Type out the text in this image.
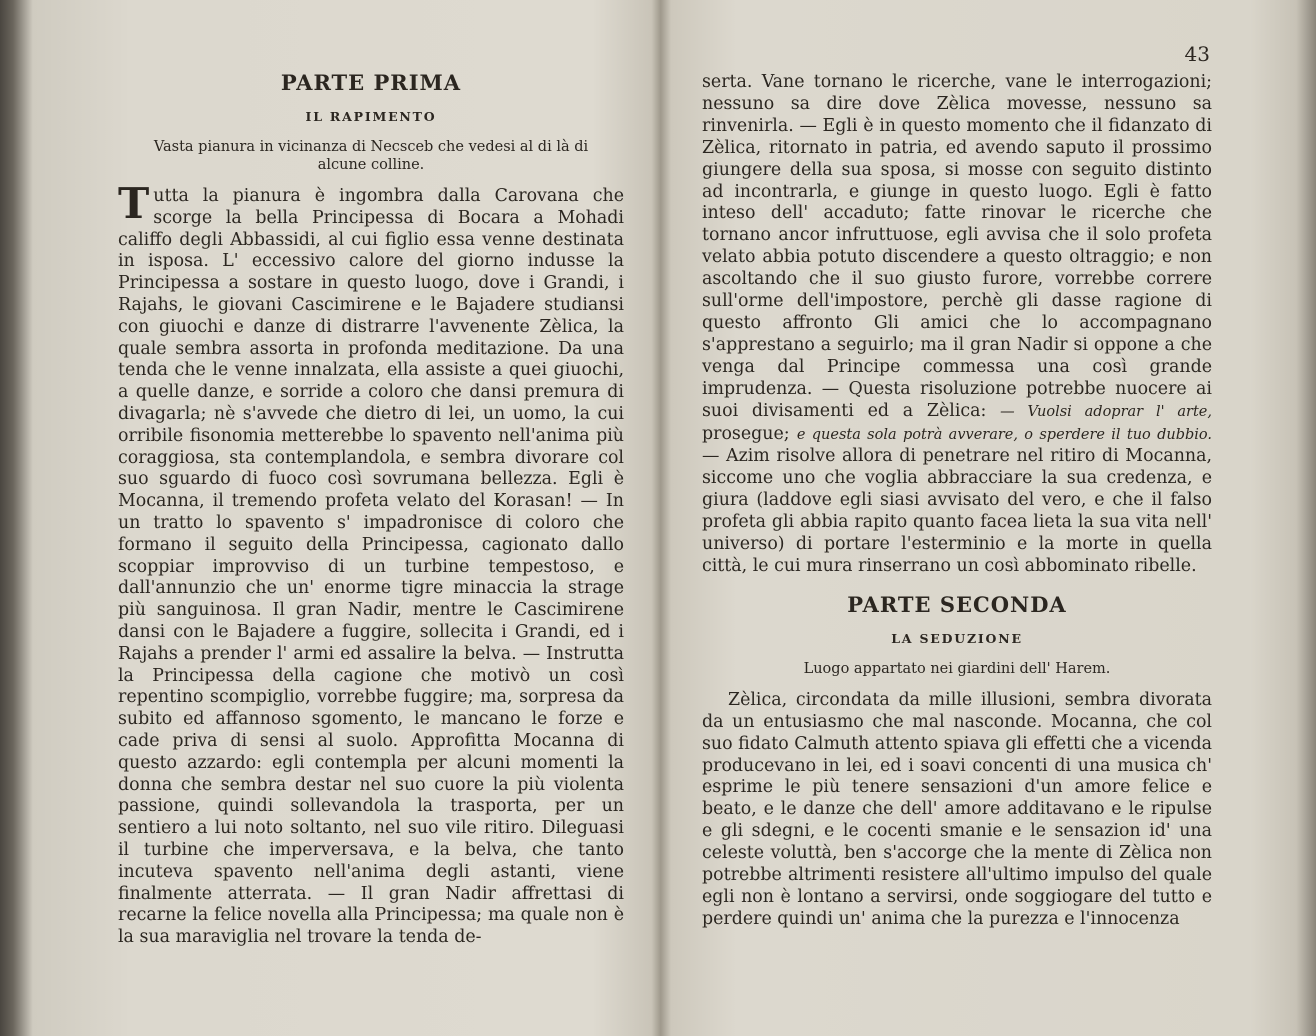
PARTE PRIMA
IL RAPIMENTO

Vasta pianura in vicinanza di Necsceb che vedesi al di là di alcune colline.

Tutta la pianura è ingombra dalla Carovana che scorge la bella Principessa di Bocara a Mohadi califfo degli Abbassidi, al cui figlio essa venne destinata in isposa. L' eccessivo calore del giorno indusse la Principessa a sostare in questo luogo, dove i Grandi, i Rajahs, le giovani Cascimirene e le Bajadere studiansi con giuochi e danze di distrarre l'avvenente Zèlica, la quale sembra assorta in profonda meditazione. Da una tenda che le venne innalzata, ella assiste a quei giuochi, a quelle danze, e sorride a coloro che dansi premura di divagarla; nè s'avvede che dietro di lei, un uomo, la cui orribile fisonomia metterebbe lo spavento nell'anima più coraggiosa, sta contemplandola, e sembra divorare col suo sguardo di fuoco così sovrumana bellezza. Egli è Mocanna, il tremendo profeta velato del Korasan! — In un tratto lo spavento s' impadronisce di coloro che formano il seguito della Principessa, cagionato dallo scoppiar improvviso di un turbine tempestoso, e dall'annunzio che un' enorme tigre minaccia la strage più sanguinosa. Il gran Nadir, mentre le Cascimirene dansi con le Bajadere a fuggire, sollecita i Grandi, ed i Rajahs a prender l' armi ed assalire la belva. — Instrutta la Principessa della cagione che motivò un così repentino scompiglio, vorrebbe fuggire; ma, sorpresa da subito ed affannoso sgomento, le mancano le forze e cade priva di sensi al suolo. Approfitta Mocanna di questo azzardo: egli contempla per alcuni momenti la donna che sembra destar nel suo cuore la più violenta passione, quindi sollevandola la trasporta, per un sentiero a lui noto soltanto, nel suo vile ritiro. Dileguasi il turbine che imperversava, e la belva, che tanto incuteva spavento nell'anima degli astanti, viene finalmente atterrata. — Il gran Nadir affrettasi di recarne la felice novella alla Principessa; ma quale non è la sua maraviglia nel trovare la tenda de-

43

serta. Vane tornano le ricerche, vane le interrogazioni; nessuno sa dire dove Zèlica movesse, nessuno sa rinvenirla. — Egli è in questo momento che il fidanzato di Zèlica, ritornato in patria, ed avendo saputo il prossimo giungere della sua sposa, si mosse con seguito distinto ad incontrarla, e giunge in questo luogo. Egli è fatto inteso dell' accaduto; fatte rinovar le ricerche che tornano ancor infruttuose, egli avvisa che il solo profeta velato abbia potuto discendere a questo oltraggio; e non ascoltando che il suo giusto furore, vorrebbe correre sull'orme dell'impostore, perchè gli dasse ragione di questo affronto Gli amici che lo accompagnano s'apprestano a seguirlo; ma il gran Nadir si oppone a che venga dal Principe commessa una così grande imprudenza. — Questa risoluzione potrebbe nuocere ai suoi divisamenti ed a Zèlica: — Vuolsi adoprar l' arte, prosegue; e questa sola potrà avverare, o sperdere il tuo dubbio. — Azim risolve allora di penetrare nel ritiro di Mocanna, siccome uno che voglia abbracciare la sua credenza, e giura (laddove egli siasi avvisato del vero, e che il falso profeta gli abbia rapito quanto facea lieta la sua vita nell' universo) di portare l'esterminio e la morte in quella città, le cui mura rinserrano un così abbominato ribelle.

PARTE SECONDA
LA SEDUZIONE

Luogo appartato nei giardini dell' Harem.

Zèlica, circondata da mille illusioni, sembra divorata da un entusiasmo che mal nasconde. Mocanna, che col suo fidato Calmuth attento spiava gli effetti che a vicenda producevano in lei, ed i soavi concenti di una musica ch' esprime le più tenere sensazioni d'un amore felice e beato, e le danze che dell' amore additavano e le ripulse e gli sdegni, e le cocenti smanie e le sensazion id' una celeste voluttà, ben s'accorge che la mente di Zèlica non potrebbe altrimenti resistere all'ultimo impulso del quale egli non è lontano a servirsi, onde soggiogare del tutto e perdere quindi un' anima che la purezza e l'innocenza
